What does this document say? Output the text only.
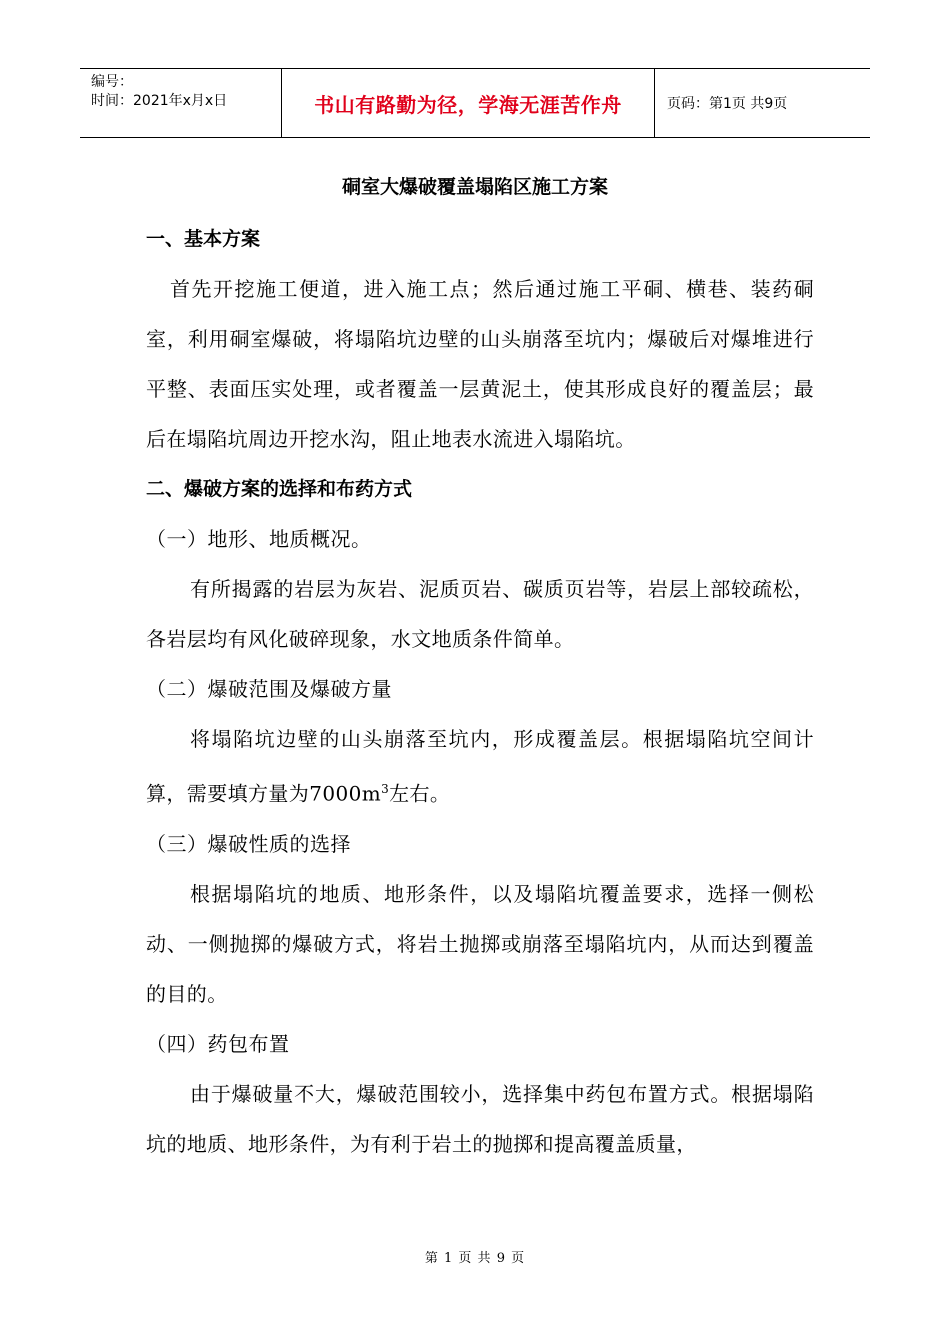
编号：
时间：2021年x月x日	书山有路勤为径，学海无涯苦作舟	页码：第1页 共9页
硐室大爆破覆盖塌陷区施工方案

一、基本方案

首先开挖施工便道，进入施工点；然后通过施工平硐、横巷、装药硐室，利用硐室爆破，将塌陷坑边壁的山头崩落至坑内；爆破后对爆堆进行平整、表面压实处理，或者覆盖一层黄泥土，使其形成良好的覆盖层；最后在塌陷坑周边开挖水沟，阻止地表水流进入塌陷坑。

二、爆破方案的选择和布药方式

（一）地形、地质概况。

有所揭露的岩层为灰岩、泥质页岩、碳质页岩等，岩层上部较疏松，各岩层均有风化破碎现象，水文地质条件简单。

（二）爆破范围及爆破方量

将塌陷坑边壁的山头崩落至坑内，形成覆盖层。根据塌陷坑空间计算，需要填方量为$7000m^3$左右。

（三）爆破性质的选择

根据塌陷坑的地质、地形条件，以及塌陷坑覆盖要求，选择一侧松动、一侧抛掷的爆破方式，将岩土抛掷或崩落至塌陷坑内，从而达到覆盖的目的。

（四）药包布置

由于爆破量不大，爆破范围较小，选择集中药包布置方式。根据塌陷坑的地质、地形条件，为有利于岩土的抛掷和提高覆盖质量，

第 1 页 共 9 页
